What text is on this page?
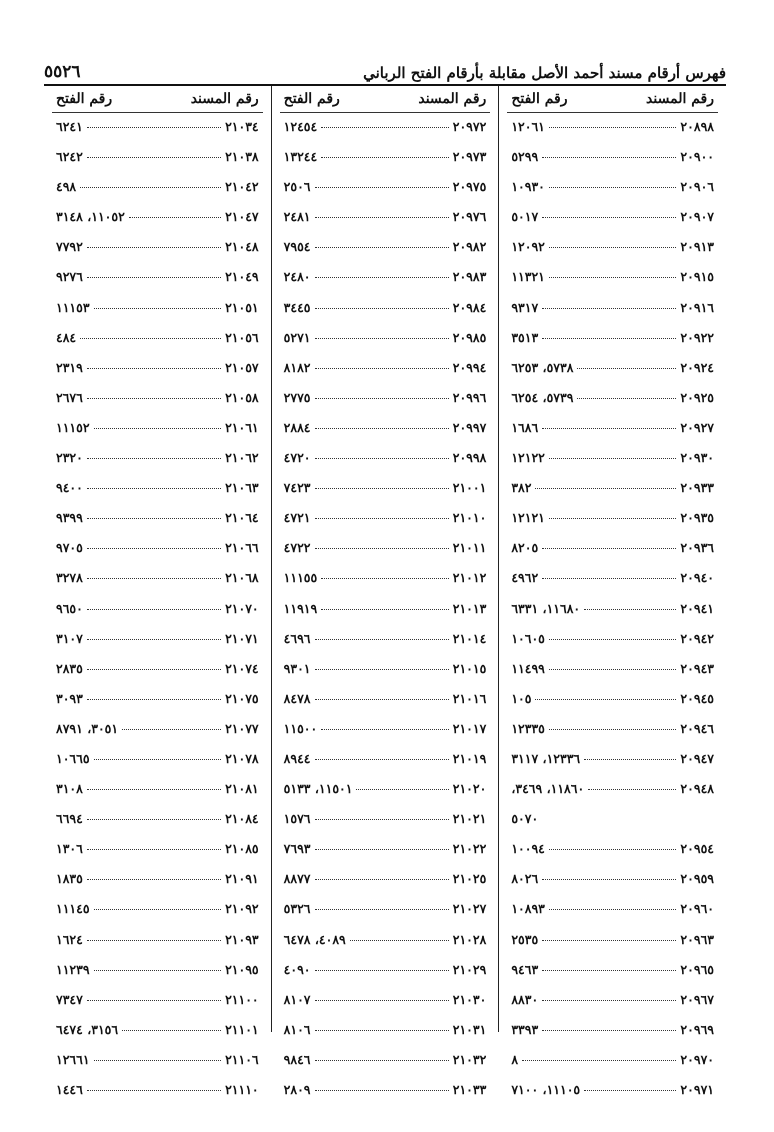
٥٥٢٦	فهرس أرقام مسند أحمد الأصل مقابلة بأرقام الفتح الرباني
رقم المسند
رقم الفتح
٢٠٨٩٨
١٢٠٦١
٢٠٩٠٠
٥٢٩٩
٢٠٩٠٦
١٠٩٣٠
٢٠٩٠٧
٥٠١٧
٢٠٩١٣
١٢٠٩٢
٢٠٩١٥
١١٣٢١
٢٠٩١٦
٩٣١٧
٢٠٩٢٢
٣٥١٣
٢٠٩٢٤
٥٧٣٨، ٦٢٥٣
٢٠٩٢٥
٥٧٣٩، ٦٢٥٤
٢٠٩٢٧
١٦٨٦
٢٠٩٣٠
١٢١٢٢
٢٠٩٣٣
٣٨٢
٢٠٩٣٥
١٢١٢١
٢٠٩٣٦
٨٢٠٥
٢٠٩٤٠
٤٩٦٢
٢٠٩٤١
١١٦٨٠، ٦٣٣١
٢٠٩٤٢
١٠٦٠٥
٢٠٩٤٣
١١٤٩٩
٢٠٩٤٥
١٠٥
٢٠٩٤٦
١٢٣٣٥
٢٠٩٤٧
١٢٣٣٦، ٣١١٧
٢٠٩٤٨
١١٨٦٠، ٣٤٦٩،
٥٠٧٠
٢٠٩٥٤
١٠٠٩٤
٢٠٩٥٩
٨٠٢٦
٢٠٩٦٠
١٠٨٩٣
٢٠٩٦٣
٢٥٣٥
٢٠٩٦٥
٩٤٦٣
٢٠٩٦٧
٨٨٣٠
٢٠٩٦٩
٣٣٩٣
٢٠٩٧٠
٨
٢٠٩٧١
١١١٠٥، ٧١٠٠
رقم المسند
رقم الفتح
٢٠٩٧٢
١٢٤٥٤
٢٠٩٧٣
١٣٢٤٤
٢٠٩٧٥
٢٥٠٦
٢٠٩٧٦
٢٤٨١
٢٠٩٨٢
٧٩٥٤
٢٠٩٨٣
٢٤٨٠
٢٠٩٨٤
٣٤٤٥
٢٠٩٨٥
٥٢٧١
٢٠٩٩٤
٨١٨٢
٢٠٩٩٦
٢٧٧٥
٢٠٩٩٧
٢٨٨٤
٢٠٩٩٨
٤٧٢٠
٢١٠٠١
٧٤٢٣
٢١٠١٠
٤٧٢١
٢١٠١١
٤٧٢٢
٢١٠١٢
١١١٥٥
٢١٠١٣
١١٩١٩
٢١٠١٤
٤٦٩٦
٢١٠١٥
٩٣٠١
٢١٠١٦
٨٤٧٨
٢١٠١٧
١١٥٠٠
٢١٠١٩
٨٩٤٤
٢١٠٢٠
١١٥٠١، ٥١٣٣
٢١٠٢١
١٥٧٦
٢١٠٢٢
٧٦٩٣
٢١٠٢٥
٨٨٧٧
٢١٠٢٧
٥٣٢٦
٢١٠٢٨
٤٠٨٩، ٦٤٧٨
٢١٠٢٩
٤٠٩٠
٢١٠٣٠
٨١٠٧
٢١٠٣١
٨١٠٦
٢١٠٣٢
٩٨٤٦
٢١٠٣٣
٢٨٠٩
رقم المسند
رقم الفتح
٢١٠٣٤
٦٢٤١
٢١٠٣٨
٦٢٤٢
٢١٠٤٢
٤٩٨
٢١٠٤٧
١١٠٥٢، ٣١٤٨
٢١٠٤٨
٧٧٩٢
٢١٠٤٩
٩٢٧٦
٢١٠٥١
١١١٥٣
٢١٠٥٦
٤٨٤
٢١٠٥٧
٢٣١٩
٢١٠٥٨
٢٦٧٦
٢١٠٦١
١١١٥٢
٢١٠٦٢
٢٣٢٠
٢١٠٦٣
٩٤٠٠
٢١٠٦٤
٩٣٩٩
٢١٠٦٦
٩٧٠٥
٢١٠٦٨
٣٢٧٨
٢١٠٧٠
٩٦٥٠
٢١٠٧١
٣١٠٧
٢١٠٧٤
٢٨٣٥
٢١٠٧٥
٣٠٩٣
٢١٠٧٧
٣٠٥١، ٨٧٩١
٢١٠٧٨
١٠٦٦٥
٢١٠٨١
٣١٠٨
٢١٠٨٤
٦٦٩٤
٢١٠٨٥
١٣٠٦
٢١٠٩١
١٨٣٥
٢١٠٩٢
١١١٤٥
٢١٠٩٣
١٦٢٤
٢١٠٩٥
١١٢٣٩
٢١١٠٠
٧٣٤٧
٢١١٠١
٣١٥٦، ٦٤٧٤
٢١١٠٦
١٢٦٦١
٢١١١٠
١٤٤٦
